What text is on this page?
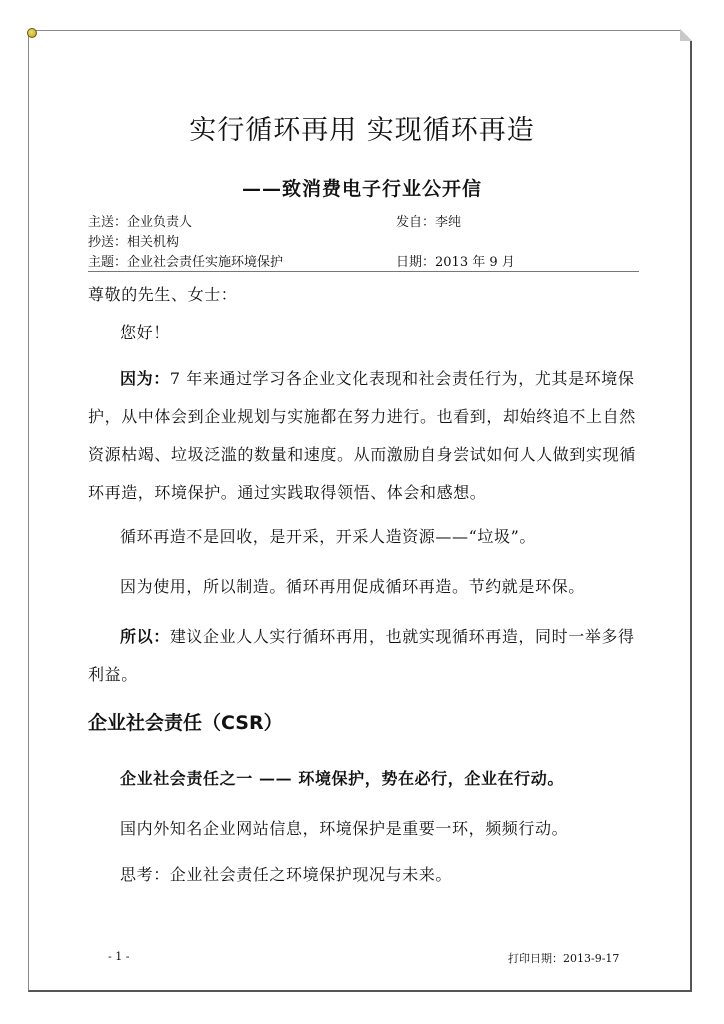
实行循环再用 实现循环再造
——致消费电子行业公开信
主送：企业负责人
抄送：相关机构
主题：企业社会责任实施环境保护
发自：李纯

日期：2013 年 9 月
尊敬的先生、女士：
您好！
因为：7 年来通过学习各企业文化表现和社会责任行为，尤其是环境保护，从中体会到企业规划与实施都在努力进行。也看到，却始终追不上自然资源枯竭、垃圾泛滥的数量和速度。从而激励自身尝试如何人人做到实现循环再造，环境保护。通过实践取得领悟、体会和感想。
循环再造不是回收，是开采，开采人造资源——“垃圾”。
因为使用，所以制造。循环再用促成循环再造。节约就是环保。
所以：建议企业人人实行循环再用，也就实现循环再造，同时一举多得利益。
企业社会责任（CSR）
企业社会责任之一 —— 环境保护，势在必行，企业在行动。
国内外知名企业网站信息，环境保护是重要一环，频频行动。
思考：企业社会责任之环境保护现况与未来。
- 1 -	打印日期：2013-9-17
